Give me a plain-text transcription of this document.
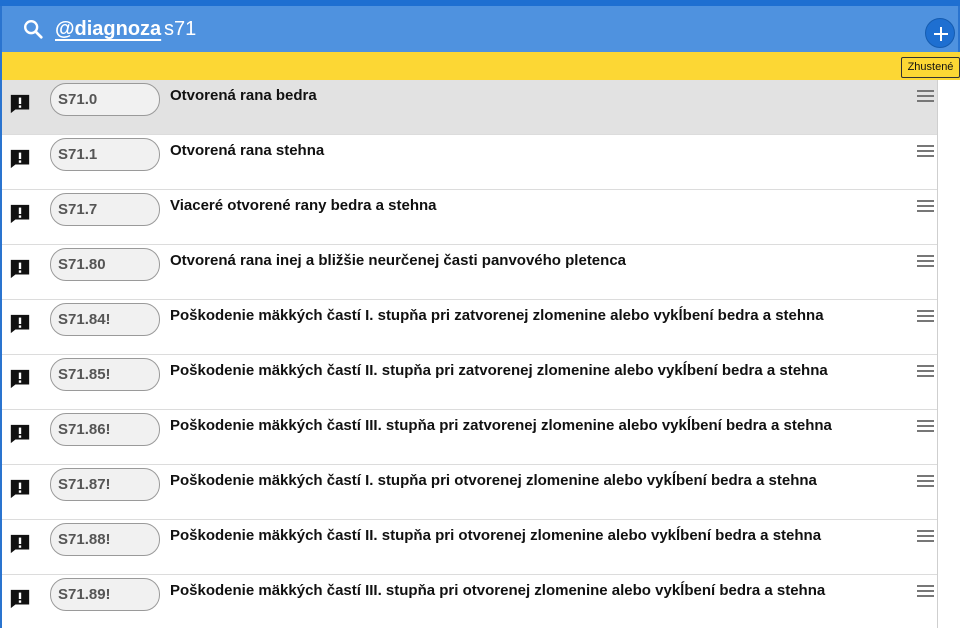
@diagnoza s71
Zhustené
S71.0	Otvorená rana bedra
S71.1	Otvorená rana stehna
S71.7	Viaceré otvorené rany bedra a stehna
S71.80	Otvorená rana inej a bližšie neurčenej časti panvového pletenca
S71.84!	Poškodenie mäkkých častí I. stupňa pri zatvorenej zlomenine alebo vykĺbení bedra a stehna
S71.85!	Poškodenie mäkkých častí II. stupňa pri zatvorenej zlomenine alebo vykĺbení bedra a stehna
S71.86!	Poškodenie mäkkých častí III. stupňa pri zatvorenej zlomenine alebo vykĺbení bedra a stehna
S71.87!	Poškodenie mäkkých častí I. stupňa pri otvorenej zlomenine alebo vykĺbení bedra a stehna
S71.88!	Poškodenie mäkkých častí II. stupňa pri otvorenej zlomenine alebo vykĺbení bedra a stehna
S71.89!	Poškodenie mäkkých častí III. stupňa pri otvorenej zlomenine alebo vykĺbení bedra a stehna
